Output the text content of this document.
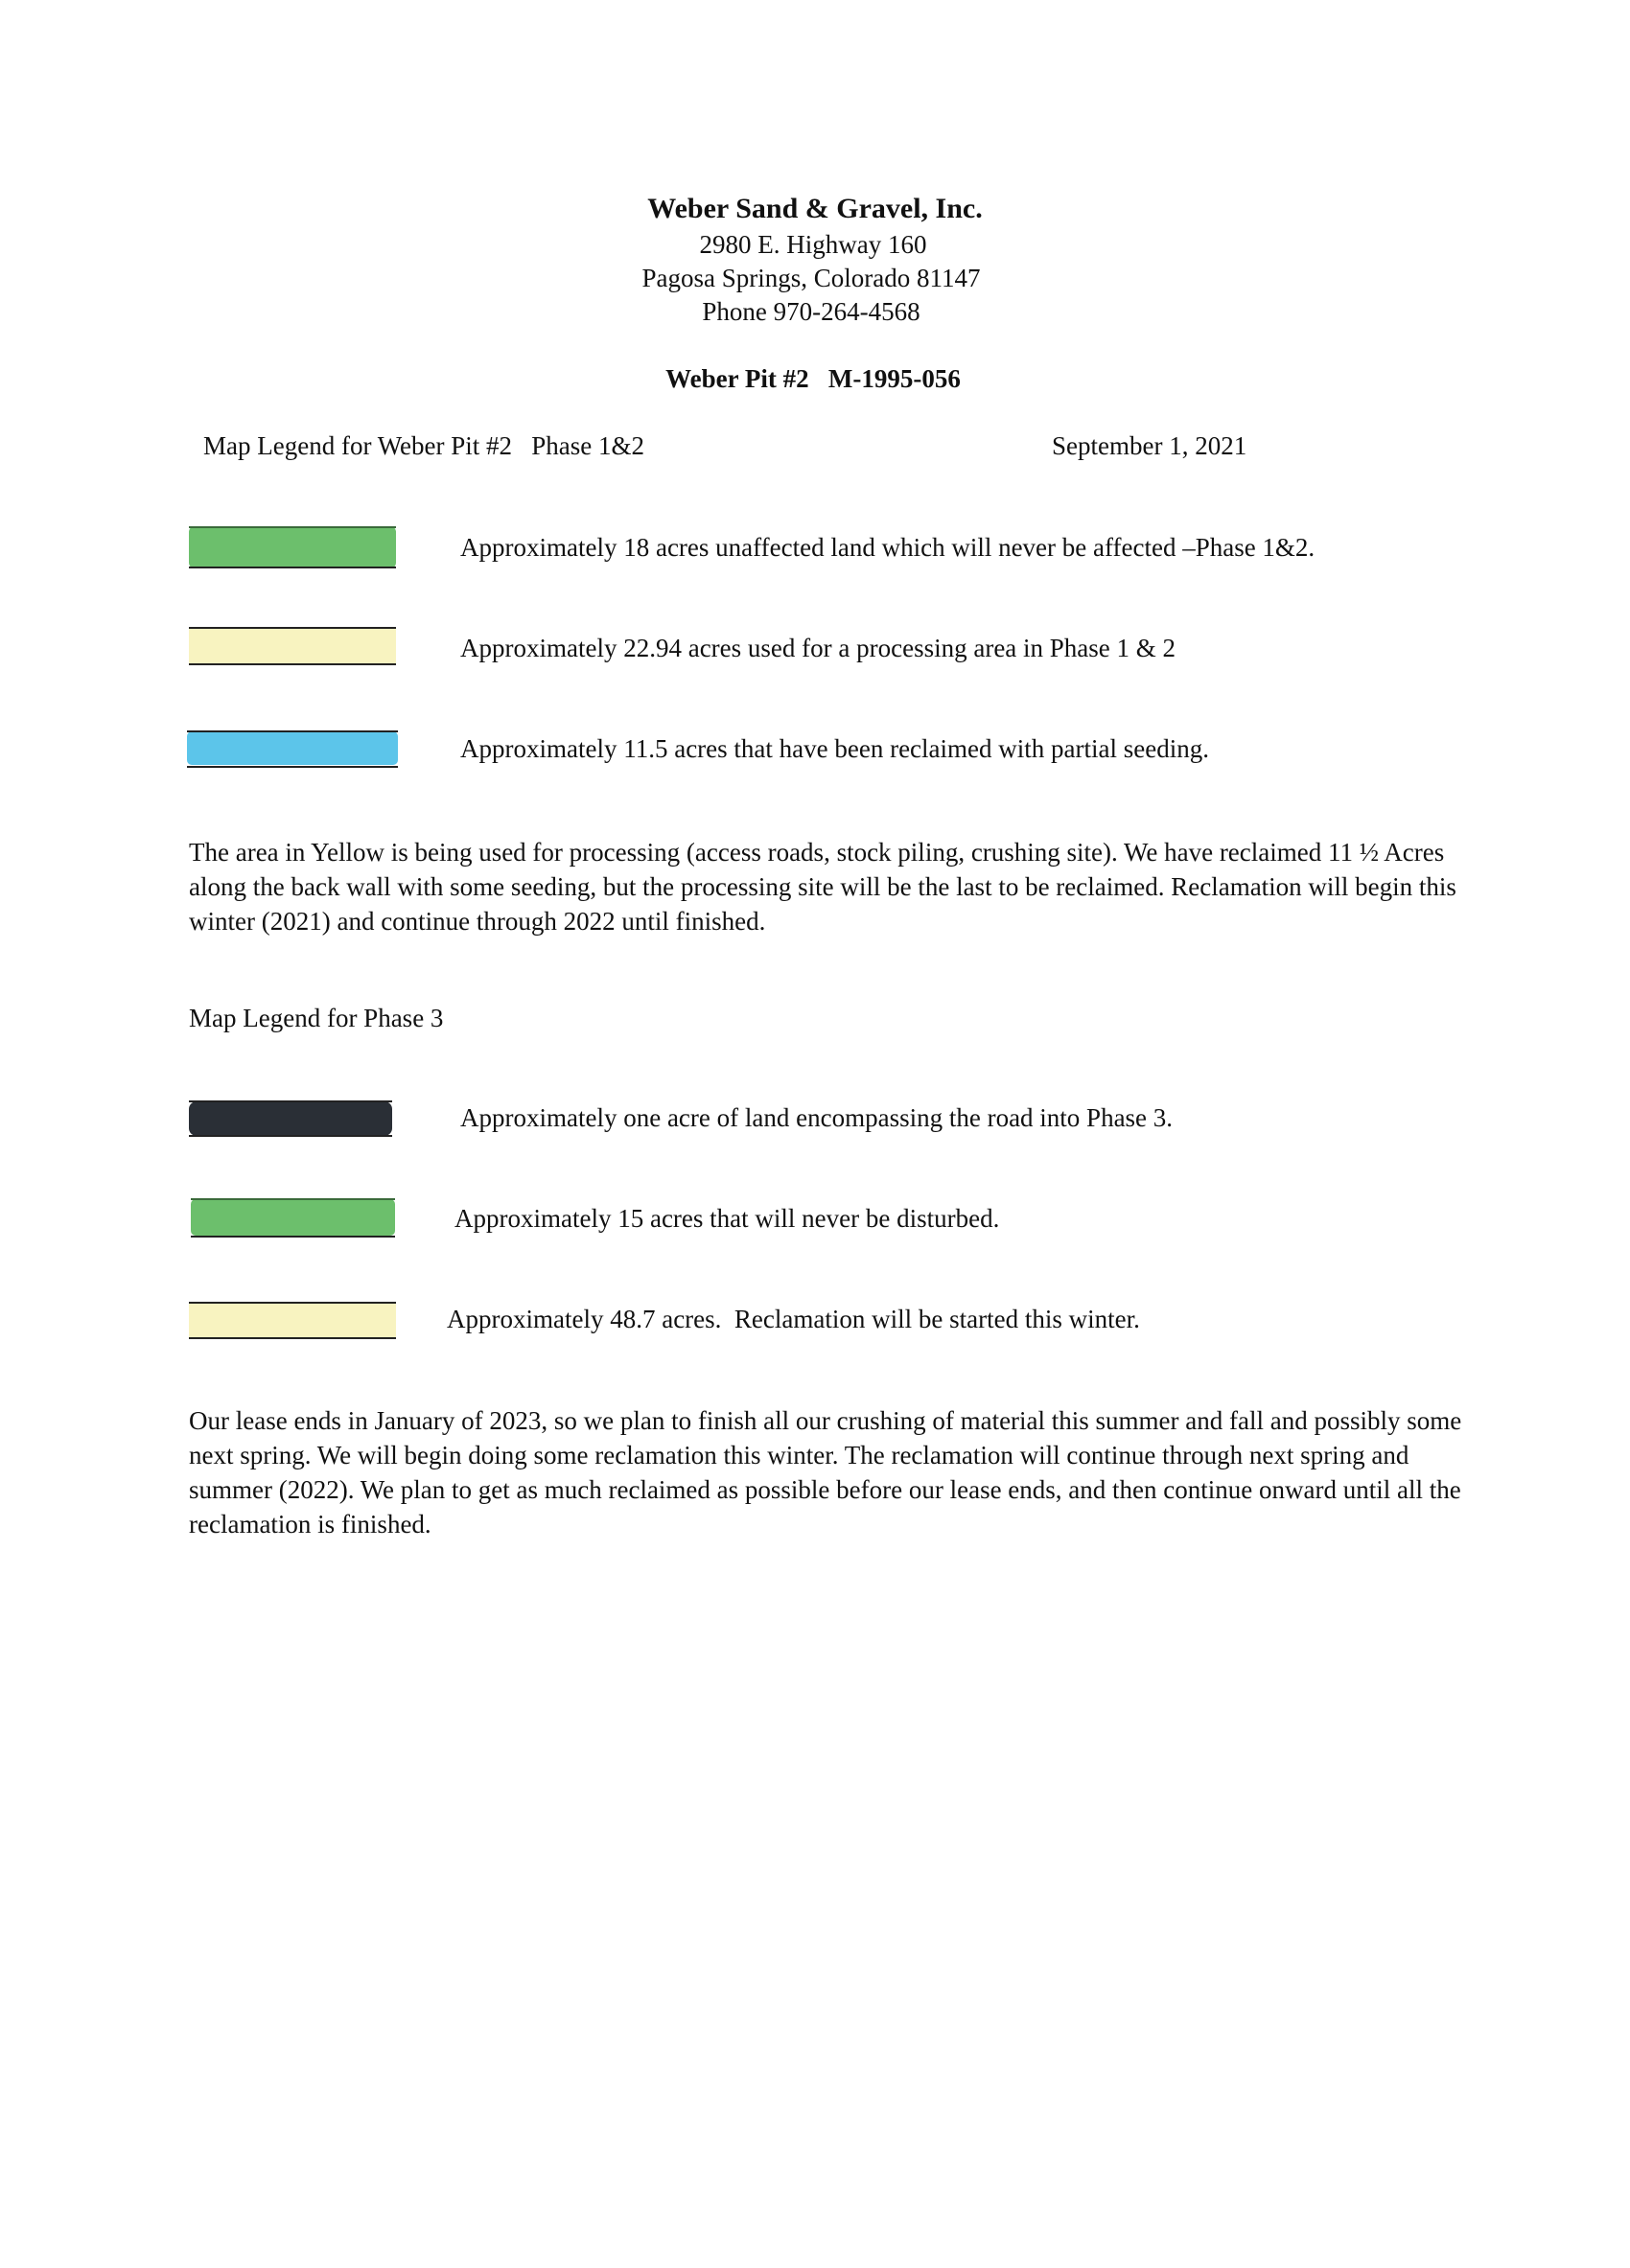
Weber Sand & Gravel, Inc.
2980 E. Highway 160
Pagosa Springs, Colorado 81147
Phone 970-264-4568
Weber Pit #2   M-1995-056
Map Legend for Weber Pit #2   Phase 1&2	September 1, 2021
Approximately 18 acres unaffected land which will never be affected –Phase 1&2.
Approximately 22.94 acres used for a processing area in Phase 1 & 2
Approximately 11.5 acres that have been reclaimed with partial seeding.
The area in Yellow is being used for processing (access roads, stock piling, crushing site). We have reclaimed 11 ½ Acres along the back wall with some seeding, but the processing site will be the last to be reclaimed. Reclamation will begin this winter (2021) and continue through 2022 until finished.
Map Legend for Phase 3
Approximately one acre of land encompassing the road into Phase 3.
Approximately 15 acres that will never be disturbed.
Approximately 48.7 acres.  Reclamation will be started this winter.
Our lease ends in January of 2023, so we plan to finish all our crushing of material this summer and fall and possibly some next spring. We will begin doing some reclamation this winter. The reclamation will continue through next spring and summer (2022). We plan to get as much reclaimed as possible before our lease ends, and then continue onward until all the reclamation is finished.
